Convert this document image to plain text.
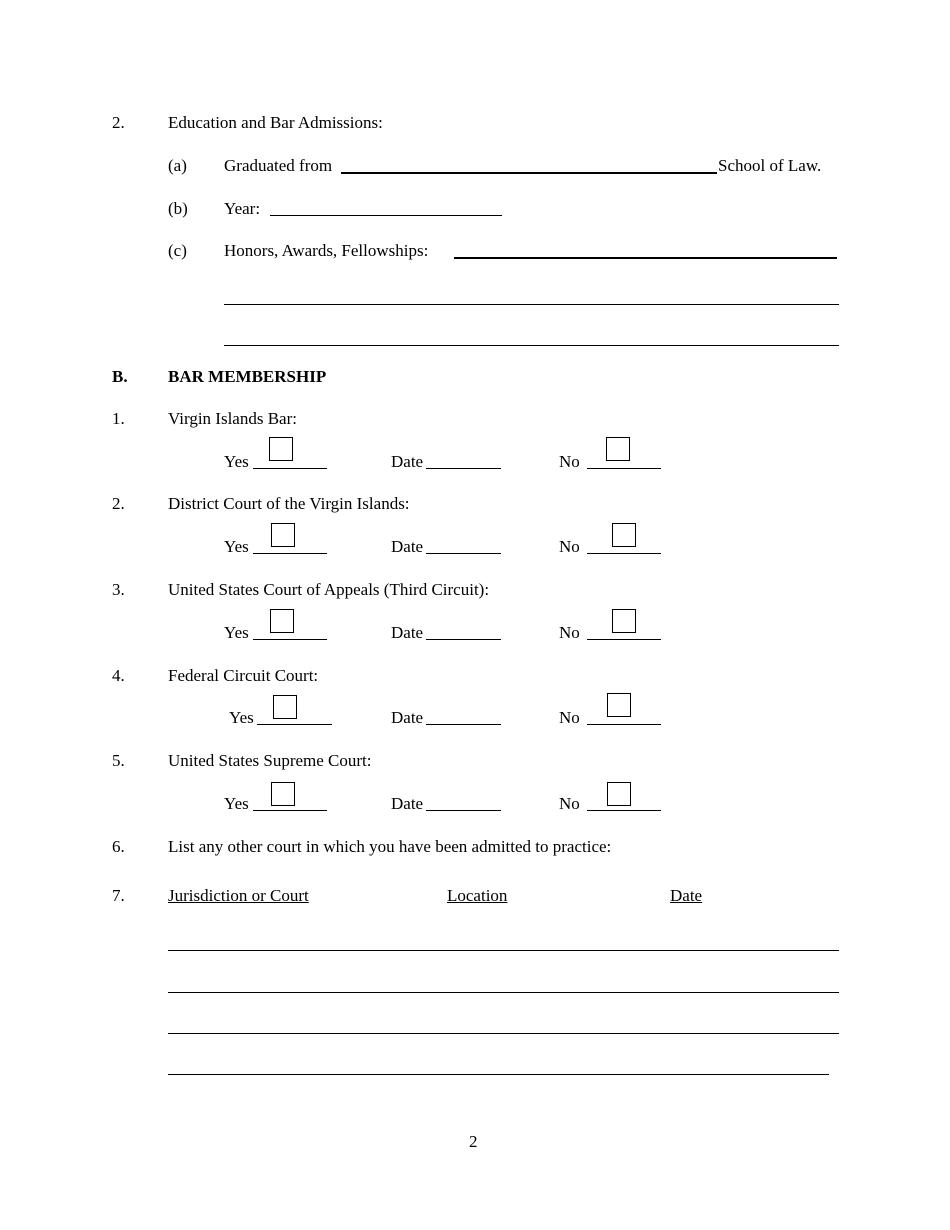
2.	Education and Bar Admissions:
(a) Graduated from	School of Law.
(b) Year:
(c) Honors, Awards, Fellowships:
B. BAR MEMBERSHIP
1.	Virgin Islands Bar:
Yes	Date	No
2.	District Court of the Virgin Islands:
Yes	Date	No
3.	United States Court of Appeals (Third Circuit):
Yes	Date	No
4.	Federal Circuit Court:
Yes	Date	No
5.	United States Supreme Court:
Yes	Date	No
6.	List any other court in which you have been admitted to practice:
7.	Jurisdiction or Court	Location	Date
2
